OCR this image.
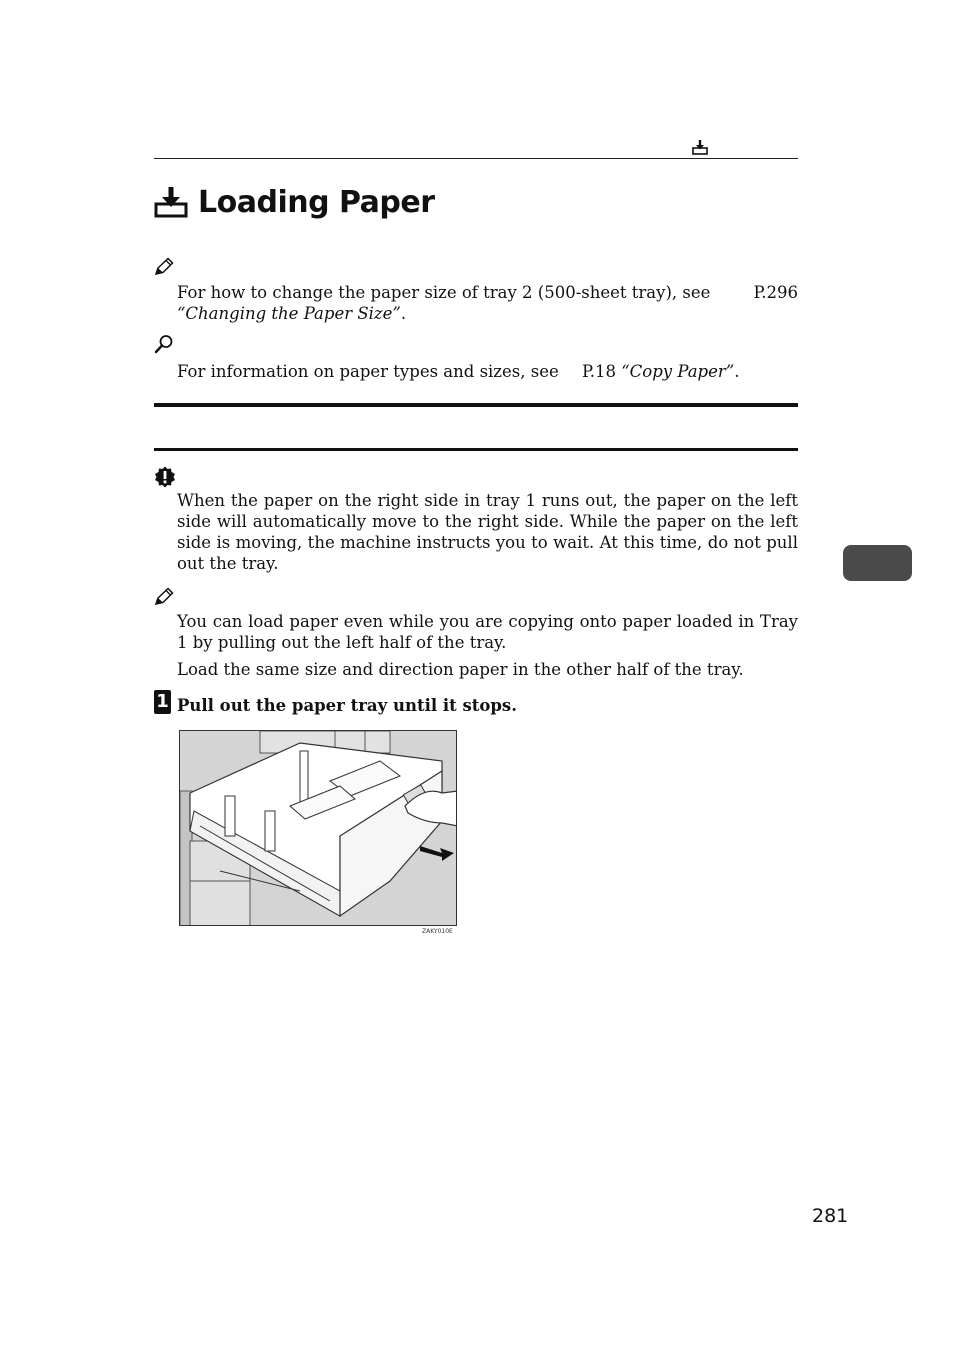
Loading Paper
For how to change the paper size of tray 2 (500-sheet tray), see	P.296
“Changing the Paper Size”.
For information on paper types and sizes, see P.18 “Copy Paper”.
When the paper on the right side in tray 1 runs out, the paper on the left side will automatically move to the right side. While the paper on the left side is moving, the machine instructs you to wait. At this time, do not pull out the tray.
You can load paper even while you are copying onto paper loaded in Tray 1 by pulling out the left half of the tray.
Load the same size and direction paper in the other half of the tray.
1 Pull out the paper tray until it stops.
ZAKY010E
281
